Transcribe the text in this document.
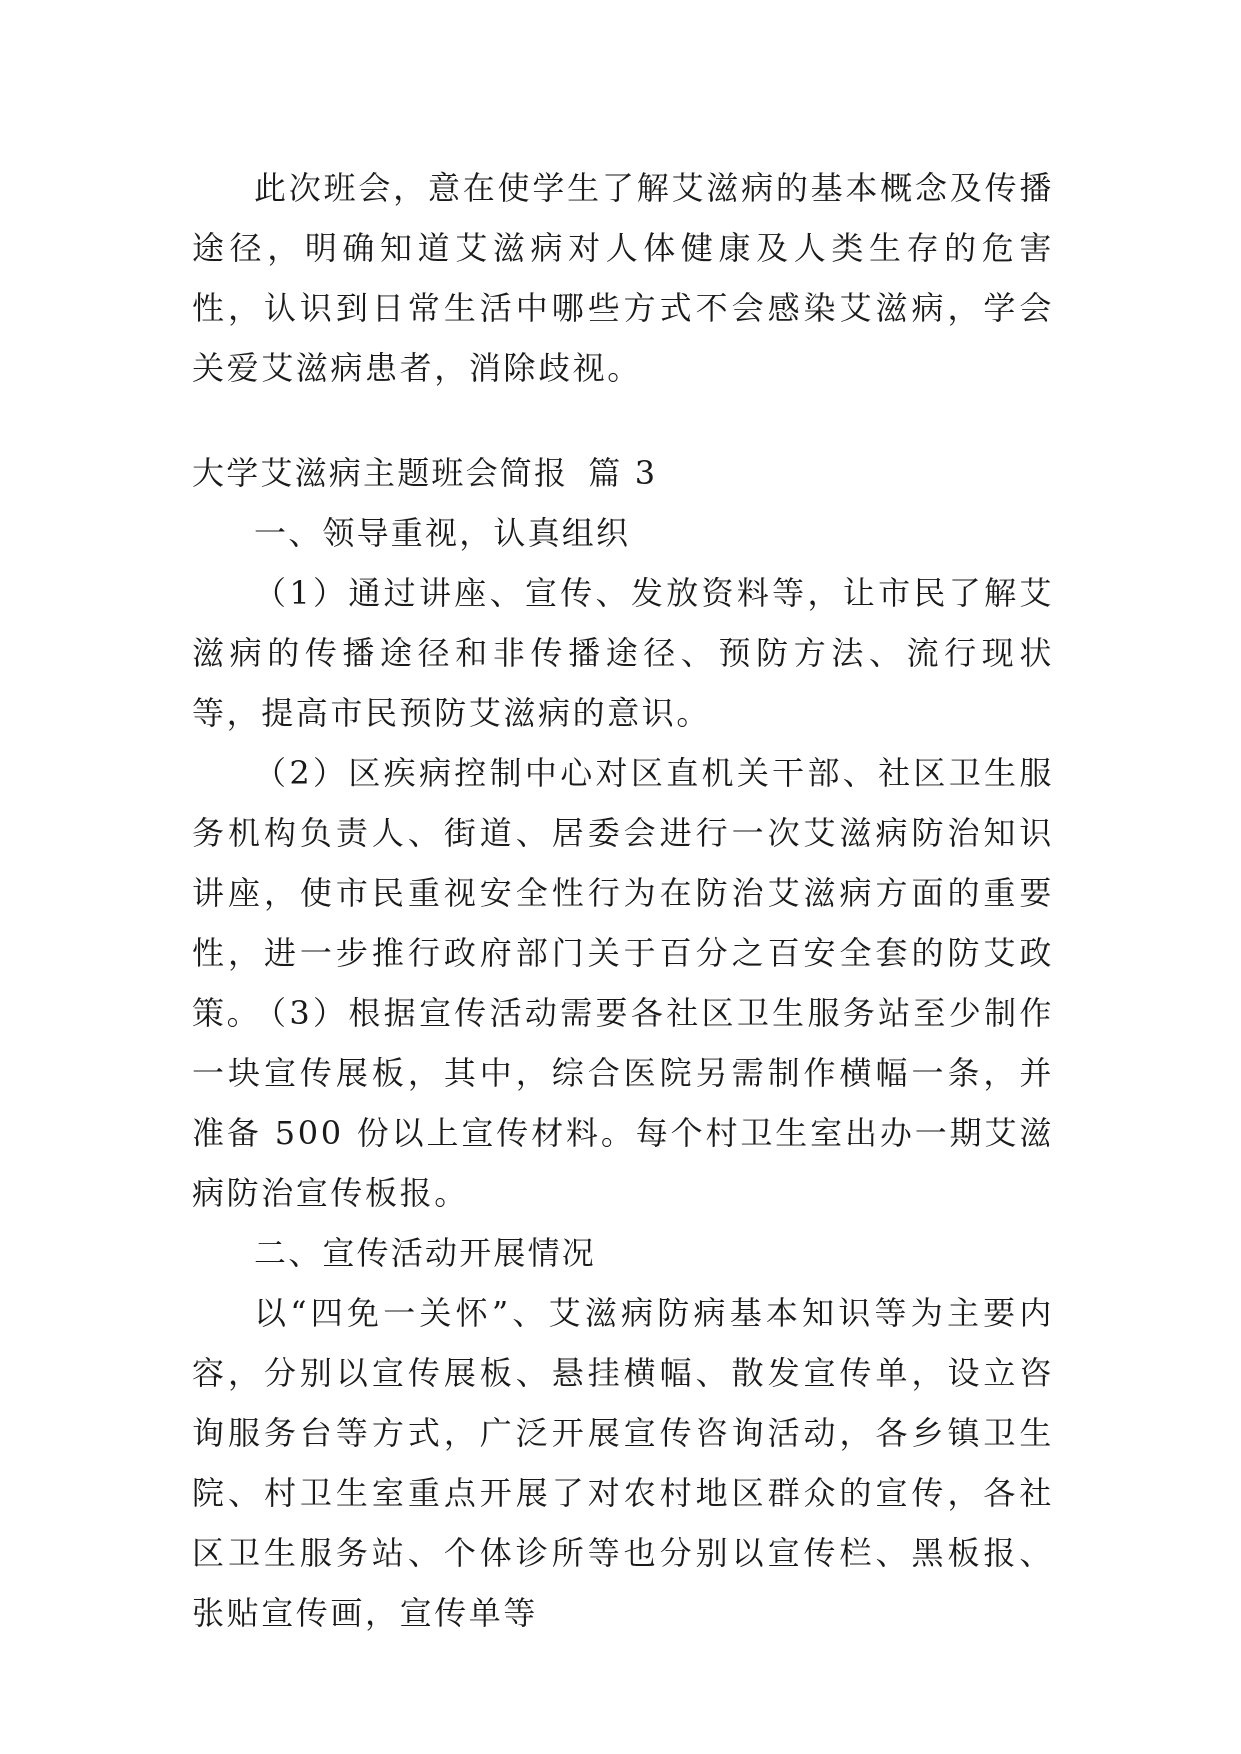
此次班会，意在使学生了解艾滋病的基本概念及传播途径，明确知道艾滋病对人体健康及人类生存的危害性，认识到日常生活中哪些方式不会感染艾滋病，学会关爱艾滋病患者，消除歧视。

大学艾滋病主题班会简报 篇 3

一、领导重视，认真组织

（1）通过讲座、宣传、发放资料等，让市民了解艾滋病的传播途径和非传播途径、预防方法、流行现状等，提高市民预防艾滋病的意识。

（2）区疾病控制中心对区直机关干部、社区卫生服务机构负责人、街道、居委会进行一次艾滋病防治知识讲座，使市民重视安全性行为在防治艾滋病方面的重要性，进一步推行政府部门关于百分之百安全套的防艾政策。

（3）根据宣传活动需要各社区卫生服务站至少制作一块宣传展板，其中，综合医院另需制作横幅一条，并准备 500 份以上宣传材料。每个村卫生室出办一期艾滋病防治宣传板报。

二、宣传活动开展情况

以“四免一关怀”、艾滋病防病基本知识等为主要内容，分别以宣传展板、悬挂横幅、散发宣传单，设立咨询服务台等方式，广泛开展宣传咨询活动，各乡镇卫生院、村卫生室重点开展了对农村地区群众的宣传，各社区卫生服务站、个体诊所等也分别以宣传栏、黑板报、张贴宣传画，宣传单等
